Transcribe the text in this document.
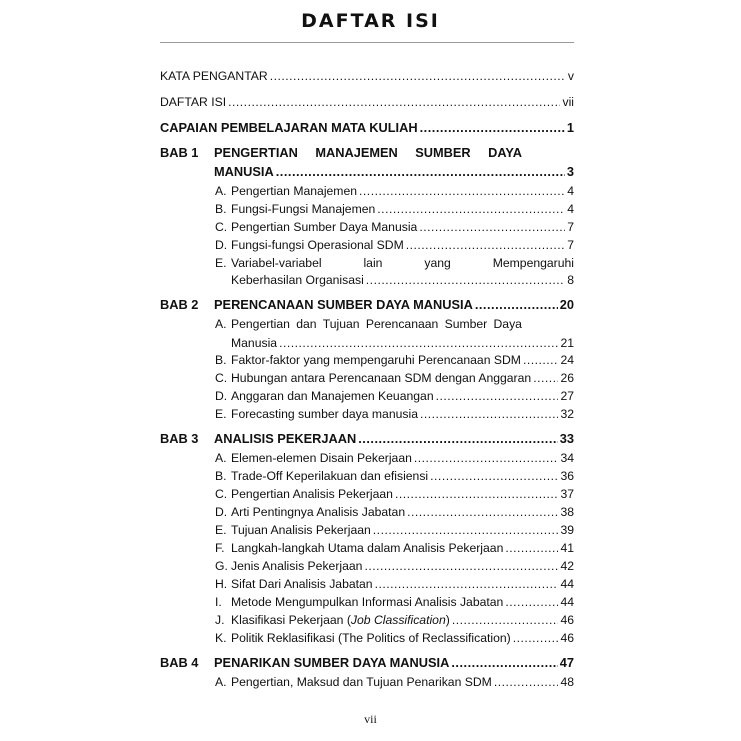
DAFTAR ISI
KATA PENGANTAR .....	v
DAFTAR ISI .....	vii
CAPAIAN PEMBELAJARAN MATA KULIAH .....	1
BAB 1 PENGERTIAN MANAJEMEN SUMBER DAYA
MANUSIA .....	3
A. Pengertian Manajemen .....	4
B. Fungsi-Fungsi Manajemen .....	4
C. Pengertian Sumber Daya Manusia .....	7
D. Fungsi-fungsi Operasional SDM .....	7
E. Variabel-variabel	lain	yang	Mempengaruhi
Keberhasilan Organisasi .....	8
BAB 2 PERENCANAAN SUMBER DAYA MANUSIA .....	20
A. Pengertian dan Tujuan Perencanaan Sumber Daya
Manusia .....	21
B. Faktor-faktor yang mempengaruhi Perencanaan SDM .....	24
C. Hubungan antara Perencanaan SDM dengan Anggaran ..... 26
D. Anggaran dan Manajemen Keuangan .....	27
E. Forecasting sumber daya manusia .....	32
BAB 3 ANALISIS PEKERJAAN .....	33
A. Elemen-elemen Disain Pekerjaan .....	34
B. Trade-Off Keperilakuan dan efisiensi .....	36
C. Pengertian Analisis Pekerjaan .....	37
D. Arti Pentingnya Analisis Jabatan .....	38
E. Tujuan Analisis Pekerjaan .....	39
F. Langkah-langkah Utama dalam Analisis Pekerjaan .....	41
G. Jenis Analisis Pekerjaan .....	42
H. Sifat Dari Analisis Jabatan .....	44
I. Metode Mengumpulkan Informasi Analisis Jabatan .....	44
J. Klasifikasi Pekerjaan (Job Classification) .....	46
K. Politik Reklasifikasi (The Politics of Reclassification) .....	46
BAB 4 PENARIKAN SUMBER DAYA MANUSIA .....	47
A. Pengertian, Maksud dan Tujuan Penarikan SDM .....	48
vii
